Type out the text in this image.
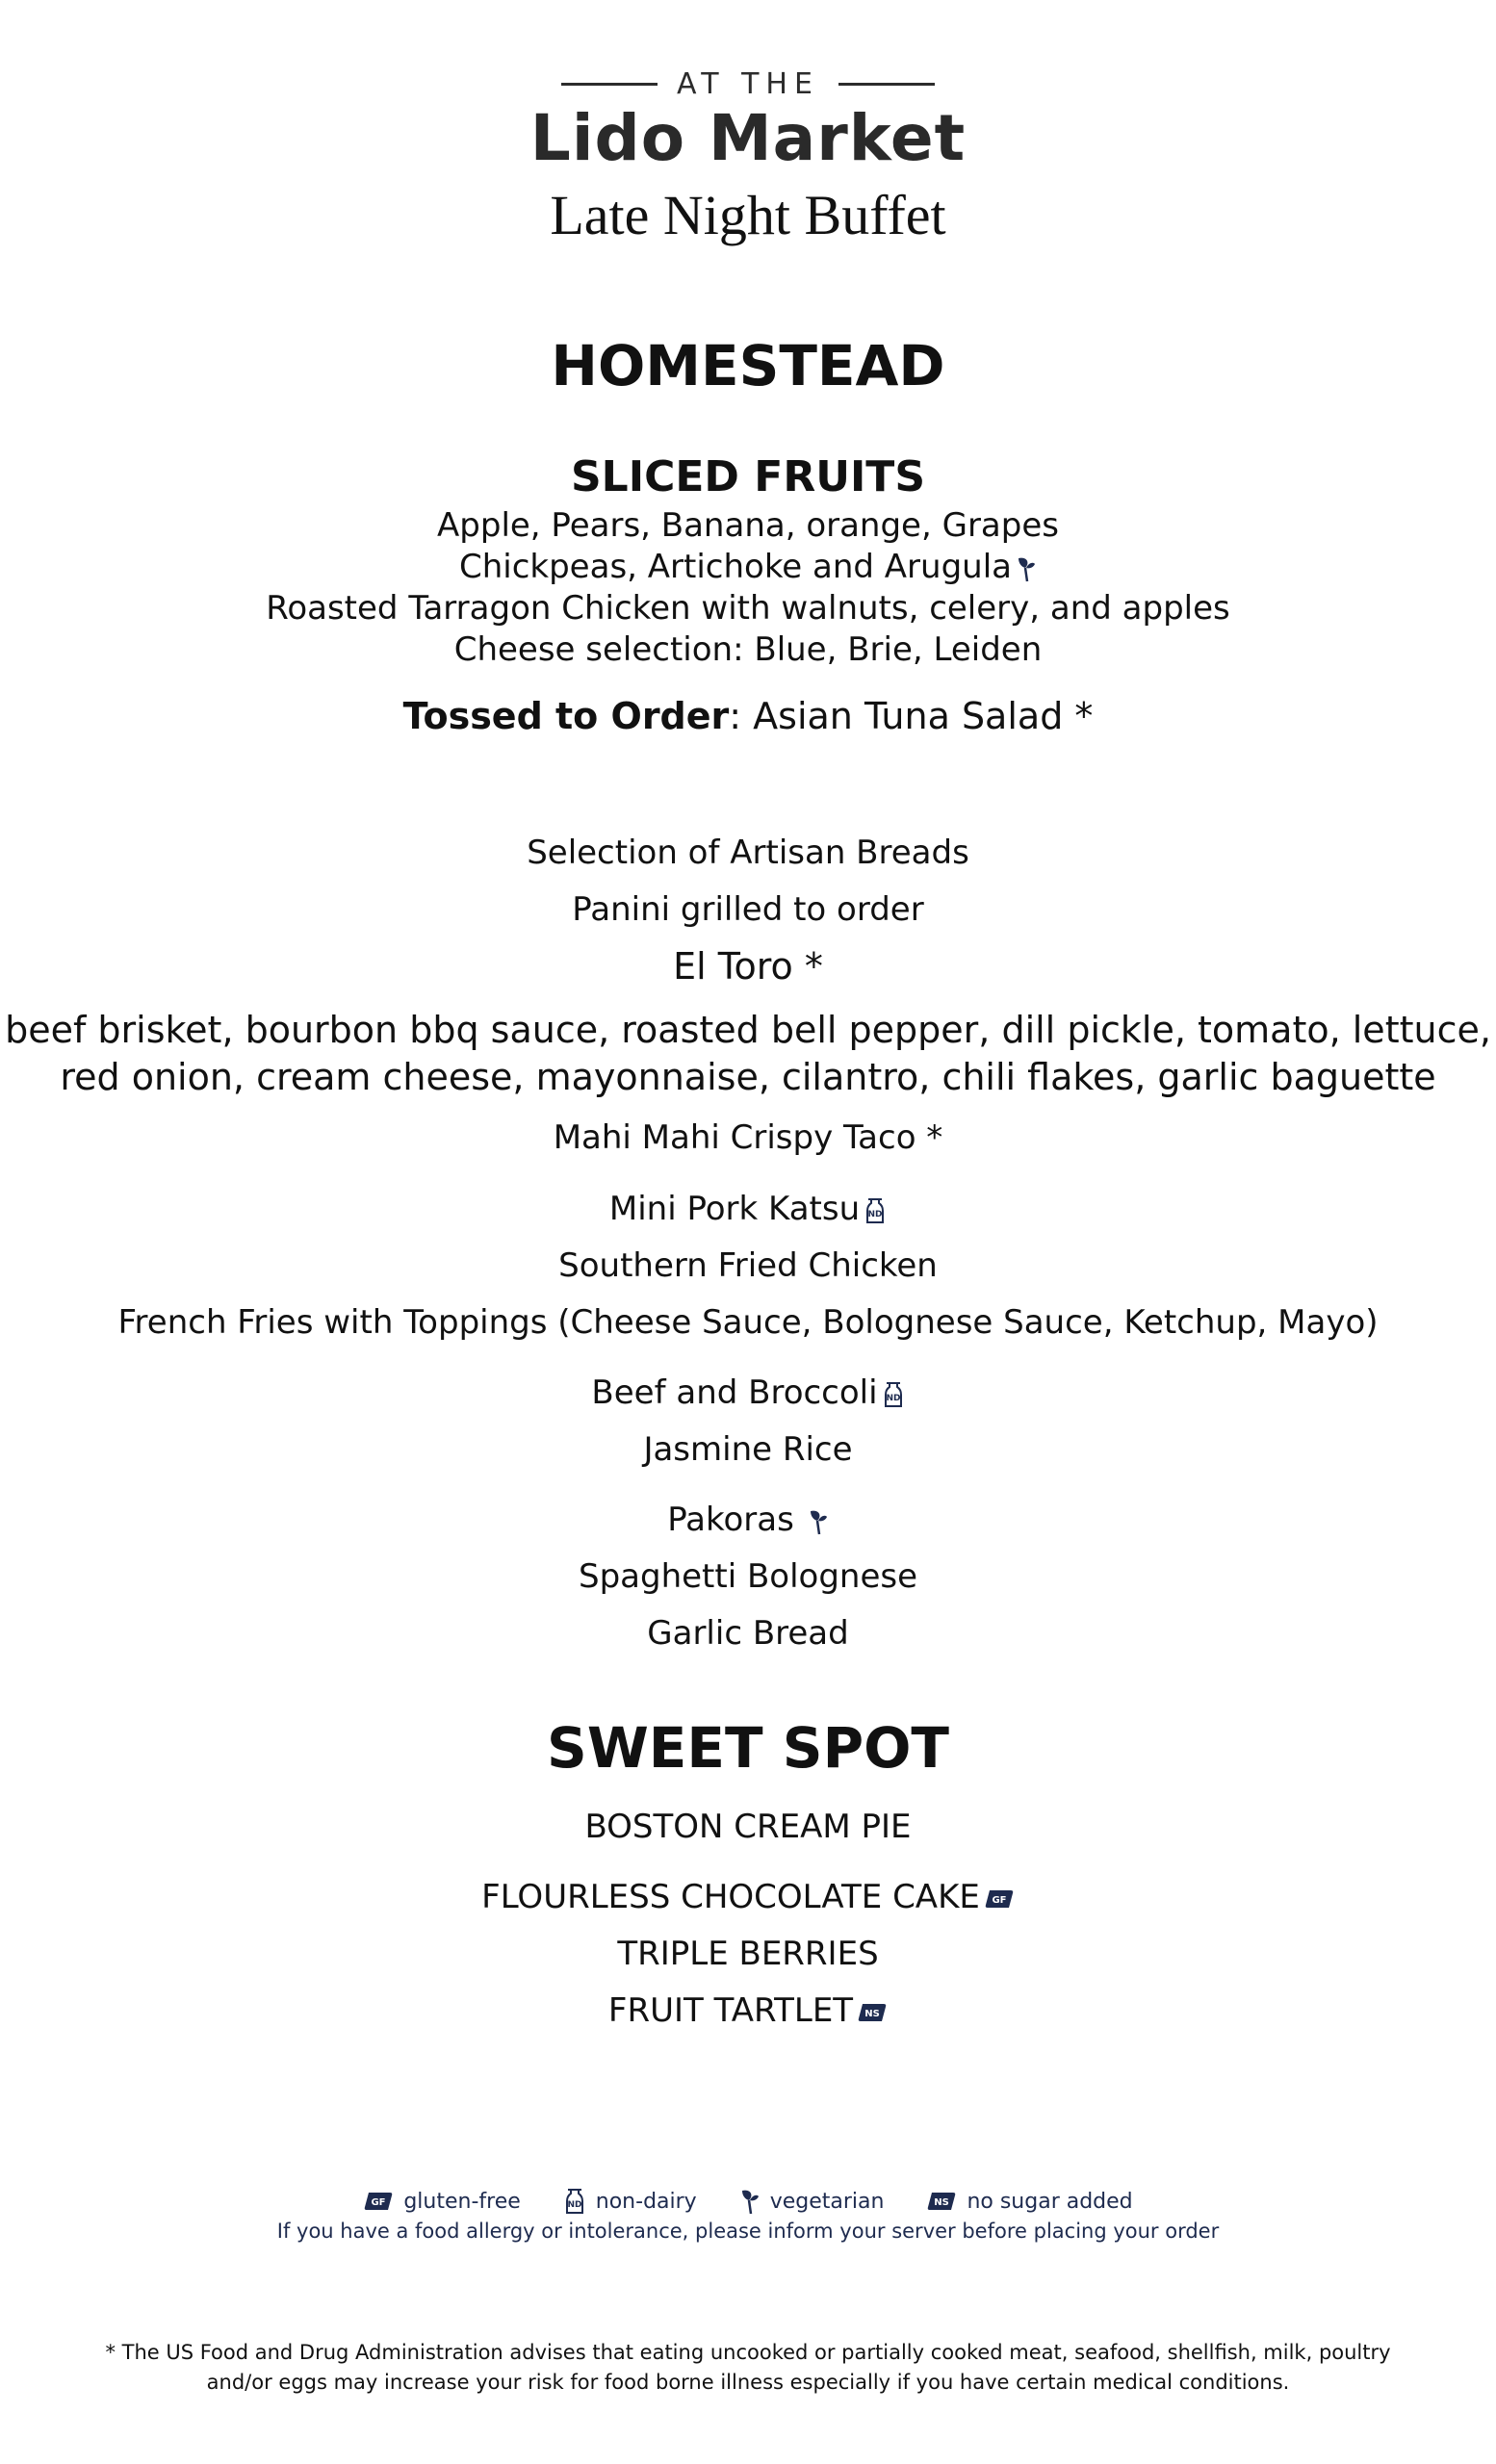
AT THE
Lido Market
Late Night Buffet
HOMESTEAD
SLICED FRUITS
Apple, Pears, Banana, orange, Grapes
Chickpeas, Artichoke and Arugula
Roasted Tarragon Chicken with walnuts, celery, and apples
Cheese selection: Blue, Brie, Leiden
Tossed to Order: Asian Tuna Salad *
Selection of Artisan Breads
Panini grilled to order
El Toro *
beef brisket, bourbon bbq sauce, roasted bell pepper, dill pickle, tomato, lettuce,
red onion, cream cheese, mayonnaise, cilantro, chili flakes, garlic baguette
Mahi Mahi Crispy Taco *
Mini Pork Katsu ND
Southern Fried Chicken
French Fries with Toppings (Cheese Sauce, Bolognese Sauce, Ketchup, Mayo)
Beef and Broccoli ND
Jasmine Rice
Pakoras
Spaghetti Bolognese
Garlic Bread
SWEET SPOT
BOSTON CREAM PIE
FLOURLESS CHOCOLATE CAKE GF
TRIPLE BERRIES
FRUIT TARTLET NS
GF gluten-free	ND non-dairy	vegetarian	NS no sugar added
If you have a food allergy or intolerance, please inform your server before placing your order
* The US Food and Drug Administration advises that eating uncooked or partially cooked meat, seafood, shellfish, milk, poultry
and/or eggs may increase your risk for food borne illness especially if you have certain medical conditions.
